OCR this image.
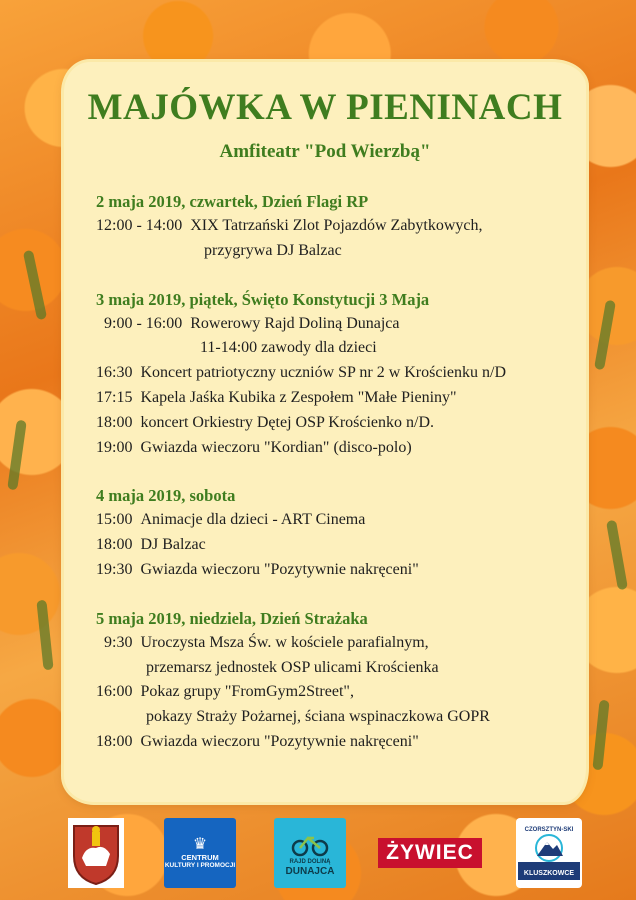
MAJÓWKA W PIENINACH
Amfiteatr "Pod Wierzbą"
2 maja 2019, czwartek, Dzień Flagi RP
12:00 - 14:00 XIX Tatrzański Zlot Pojazdów Zabytkowych,
przygrywa DJ Balzac
3 maja 2019, piątek, Święto Konstytucji 3 Maja
9:00 - 16:00 Rowerowy Rajd Doliną Dunajca
11-14:00 zawody dla dzieci
16:30 Koncert patriotyczny uczniów SP nr 2 w Krościenku n/D
17:15 Kapela Jaśka Kubika z Zespołem "Małe Pieniny"
18:00 koncert Orkiestry Dętej OSP Krościenko n/D.
19:00 Gwiazda wieczoru "Kordian" (disco-polo)
4 maja 2019, sobota
15:00 Animacje dla dzieci - ART Cinema
18:00 DJ Balzac
19:30 Gwiazda wieczoru "Pozytywnie nakręceni"
5 maja 2019, niedziela, Dzień Strażaka
9:30 Uroczysta Msza Św. w kościele parafialnym,
przemarsz jednostek OSP ulicami Krościenka
16:00 Pokaz grupy "FromGym2Street",
pokazy Straży Pożarnej, ściana wspinaczkowa GOPR
18:00 Gwiazda wieczoru "Pozytywnie nakręceni"
♛
CENTRUM
KULTURY I PROMOCJI	RAJD DOLINĄ
DUNAJCA
ŻYWIEC
CZORSZTYN-SKI
KLUSZKOWCE
